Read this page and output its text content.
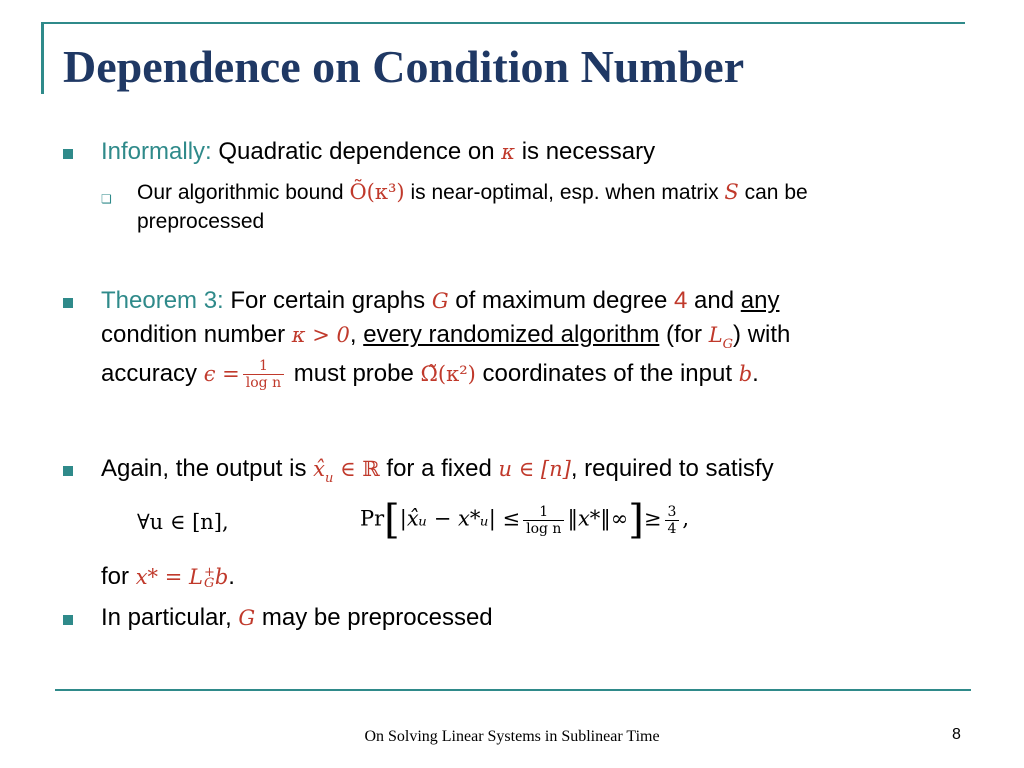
Dependence on Condition Number
Informally: Quadratic dependence on κ is necessary
❏ Our algorithmic bound Õ(κ³) is near-optimal, esp. when matrix S can be
preprocessed
Theorem 3: For certain graphs G of maximum degree 4 and any
condition number κ > 0, every randomized algorithm (for $L_G$) with
accuracy $\epsilon = \frac{1}{\text{log n}}$ must probe Ω̃(κ²) coordinates of the input b.
Again, the output is $x̂_u$ ∈ ℝ for a fixed u ∈ [n], required to satisfy
∀u ∈ [n],	Pr[|x̂ᵤ − x*ᵤ| ≤ $\frac{1}{\text{log n}}$ ‖x*‖∞]≥ $\frac{3}{4}$ ,
for x* = L +
G b.
In particular, G may be preprocessed
On Solving Linear Systems in Sublinear Time	8
